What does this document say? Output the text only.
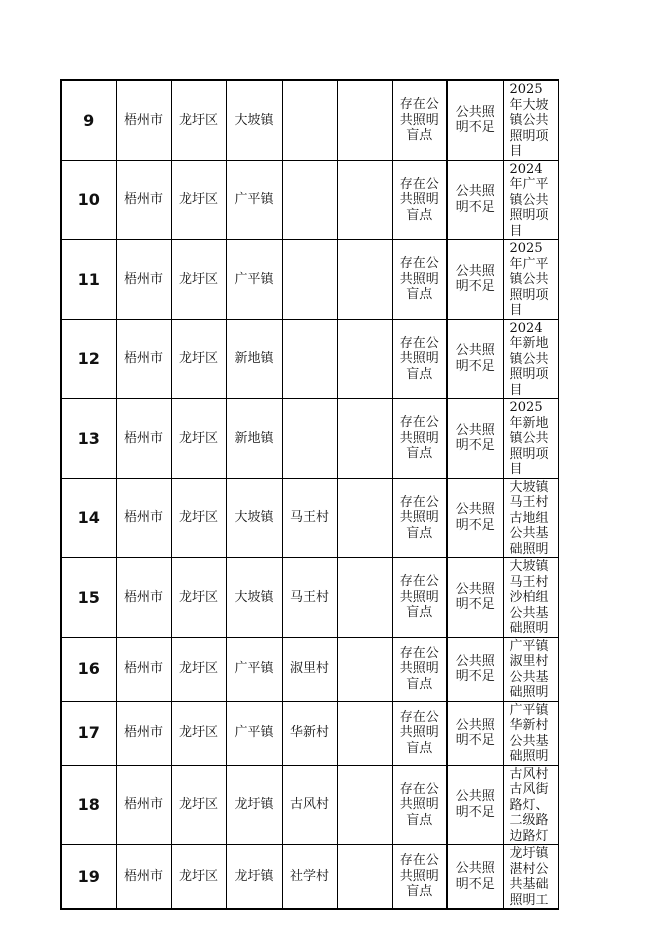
9	梧州市	龙圩区	大坡镇			存在公共照明盲点	公共照明不足	2025年大坡镇公共照明项目
10	梧州市	龙圩区	广平镇			存在公共照明盲点	公共照明不足	2024年广平镇公共照明项目
11	梧州市	龙圩区	广平镇			存在公共照明盲点	公共照明不足	2025年广平镇公共照明项目
12	梧州市	龙圩区	新地镇			存在公共照明盲点	公共照明不足	2024年新地镇公共照明项目
13	梧州市	龙圩区	新地镇			存在公共照明盲点	公共照明不足	2025年新地镇公共照明项目
14	梧州市	龙圩区	大坡镇	马王村		存在公共照明盲点	公共照明不足	大坡镇马王村古地组公共基础照明
15	梧州市	龙圩区	大坡镇	马王村		存在公共照明盲点	公共照明不足	大坡镇马王村沙柏组公共基础照明
16	梧州市	龙圩区	广平镇	淑里村		存在公共照明盲点	公共照明不足	广平镇淑里村公共基础照明
17	梧州市	龙圩区	广平镇	华新村		存在公共照明盲点	公共照明不足	广平镇华新村公共基础照明
18	梧州市	龙圩区	龙圩镇	古风村		存在公共照明盲点	公共照明不足	古风村古风街路灯、二级路边路灯
19	梧州市	龙圩区	龙圩镇	社学村		存在公共照明盲点	公共照明不足	龙圩镇湛村公共基础照明工
